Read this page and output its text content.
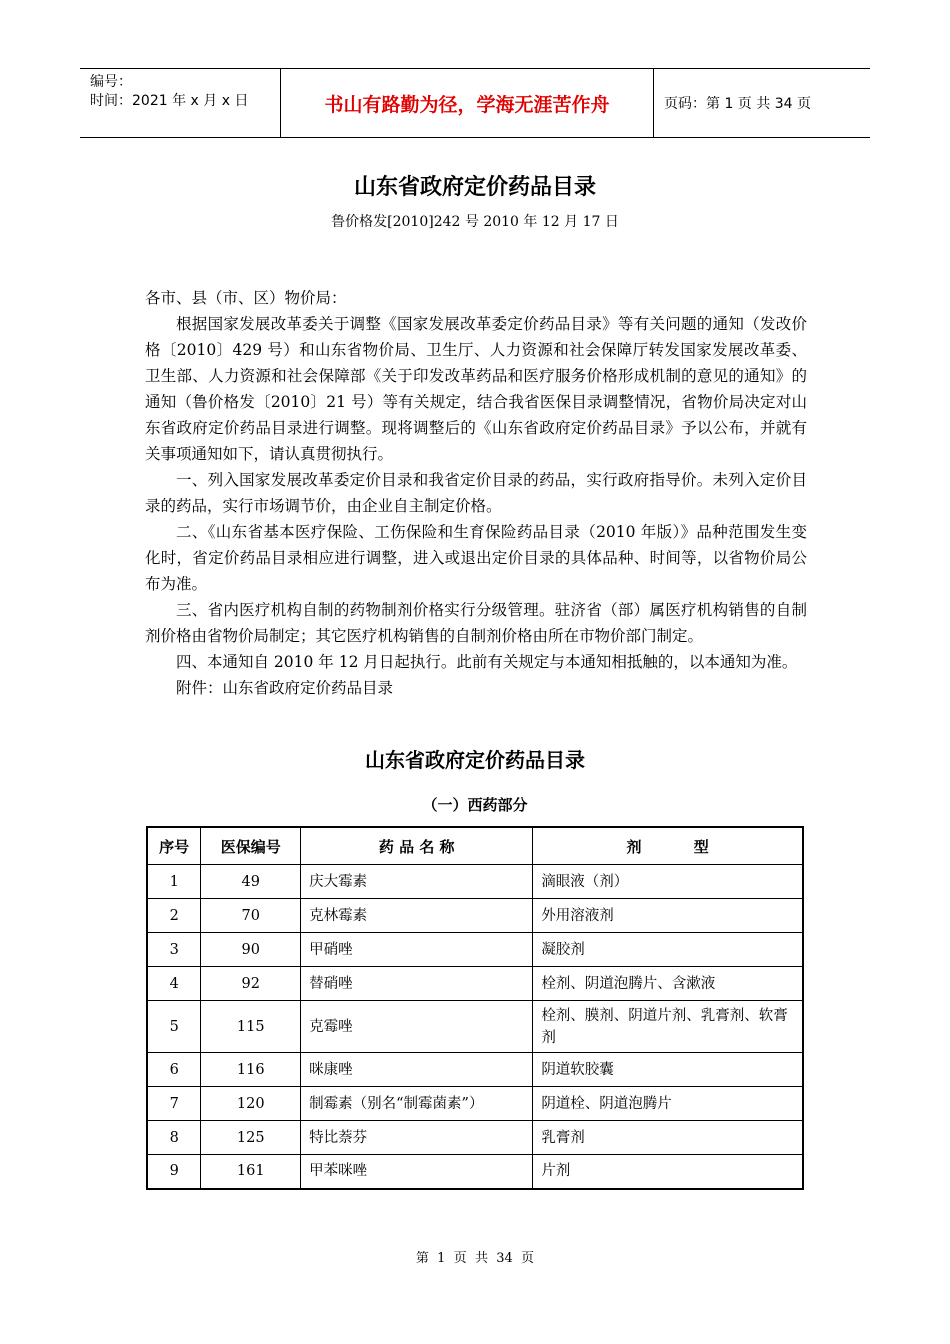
编号：
时间：2021 年 x 月 x 日	书山有路勤为径，学海无涯苦作舟	页码：第 1 页 共 34 页
山东省政府定价药品目录
鲁价格发[2010]242 号 2010 年 12 月 17 日

各市、县（市、区）物价局：

根据国家发展改革委关于调整《国家发展改革委定价药品目录》等有关问题的通知（发改价格〔2010〕429 号）和山东省物价局、卫生厅、人力资源和社会保障厅转发国家发展改革委、卫生部、人力资源和社会保障部《关于印发改革药品和医疗服务价格形成机制的意见的通知》的通知（鲁价格发〔2010〕21 号）等有关规定，结合我省医保目录调整情况，省物价局决定对山东省政府定价药品目录进行调整。现将调整后的《山东省政府定价药品目录》予以公布，并就有关事项通知如下，请认真贯彻执行。

一、列入国家发展改革委定价目录和我省定价目录的药品，实行政府指导价。未列入定价目录的药品，实行市场调节价，由企业自主制定价格。

二、《山东省基本医疗保险、工伤保险和生育保险药品目录（2010 年版）》品种范围发生变化时，省定价药品目录相应进行调整，进入或退出定价目录的具体品种、时间等，以省物价局公布为准。

三、省内医疗机构自制的药物制剂价格实行分级管理。驻济省（部）属医疗机构销售的自制剂价格由省物价局制定；其它医疗机构销售的自制剂价格由所在市物价部门制定。

四、本通知自 2010 年 12 月日起执行。此前有关规定与本通知相抵触的，以本通知为准。

附件：山东省政府定价药品目录

山东省政府定价药品目录
（一）西药部分
序号	医保编号	药 品 名 称	剂          型
1	49	庆大霉素	滴眼液（剂）
2	70	克林霉素	外用溶液剂
3	90	甲硝唑	凝胶剂
4	92	替硝唑	栓剂、阴道泡腾片、含漱液
5	115	克霉唑	栓剂、膜剂、阴道片剂、乳膏剂、软膏剂
6	116	咪康唑	阴道软胶囊
7	120	制霉素（别名“制霉菌素”）	阴道栓、阴道泡腾片
8	125	特比萘芬	乳膏剂
9	161	甲苯咪唑	片剂
第  1  页  共  34  页
